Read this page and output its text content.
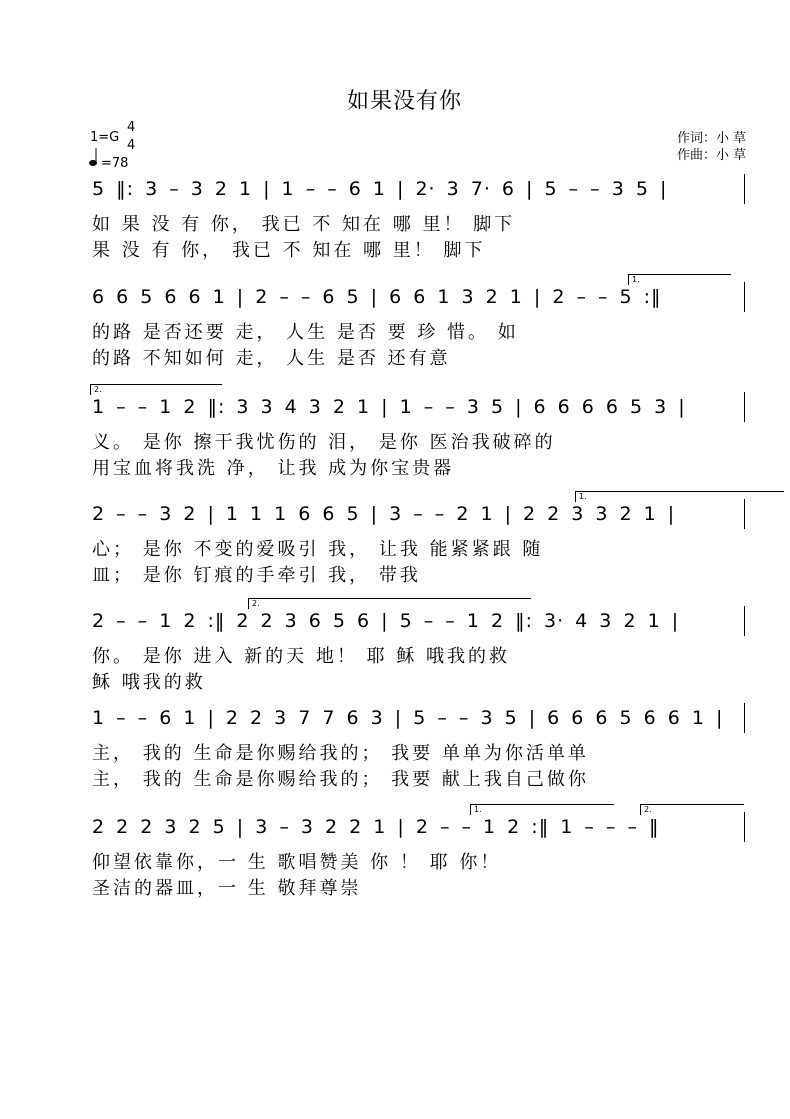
如果没有你
1=G
4
4
=78
作词：小 草
作曲：小 草
5 ‖: 3 – 3 2 1 | 1 – – 6 1 | 2· 3 7· 6 | 5 – – 3 5 |
如 果 没 有 你， 我已 不 知在 哪 里！ 脚下
果 没 有 你， 我已 不 知在 哪 里！ 脚下
6 6 5 6 6 1 | 2 – – 6 5 | 6 6 1 3 2 1 | 2 – – 5 :‖
的路 是否还要 走， 人生 是否 要 珍 惜。 如
的路 不知如何 走， 人生 是否 还有意
1.
1 – – 1 2 ‖: 3 3 4 3 2 1 | 1 – – 3 5 | 6 6 6 6 5 3 |
义。 是你 擦干我忧伤的 泪， 是你 医治我破碎的
用宝血将我洗 净， 让我 成为你宝贵器
2.
2 – – 3 2 | 1 1 1 6 6 5 | 3 – – 2 1 | 2 2 3 3 2 1 |
心； 是你 不变的爱吸引 我， 让我 能紧紧跟 随
皿； 是你 钉痕的手牵引 我， 带我
1.
2 – – 1 2 :‖ 2 2 3 6 5 6 | 5 – – 1 2 ‖: 3· 4 3 2 1 |
你。 是你 进入 新的天 地！ 耶 稣 哦我的救
稣 哦我的救
2.
1 – – 6 1 | 2 2 3 7 7 6 3 | 5 – – 3 5 | 6 6 6 5 6 6 1 |
主， 我的 生命是你赐给我的； 我要 单单为你活单单
主， 我的 生命是你赐给我的； 我要 献上我自己做你
2 2 2 3 2 5 | 3 – 3 2 2 1 | 2 – – 1 2 :‖ 1 – – – ‖
仰望依靠你，一 生 歌唱赞美 你 ！ 耶 你！
圣洁的器皿，一 生 敬拜尊崇
1.	2.
